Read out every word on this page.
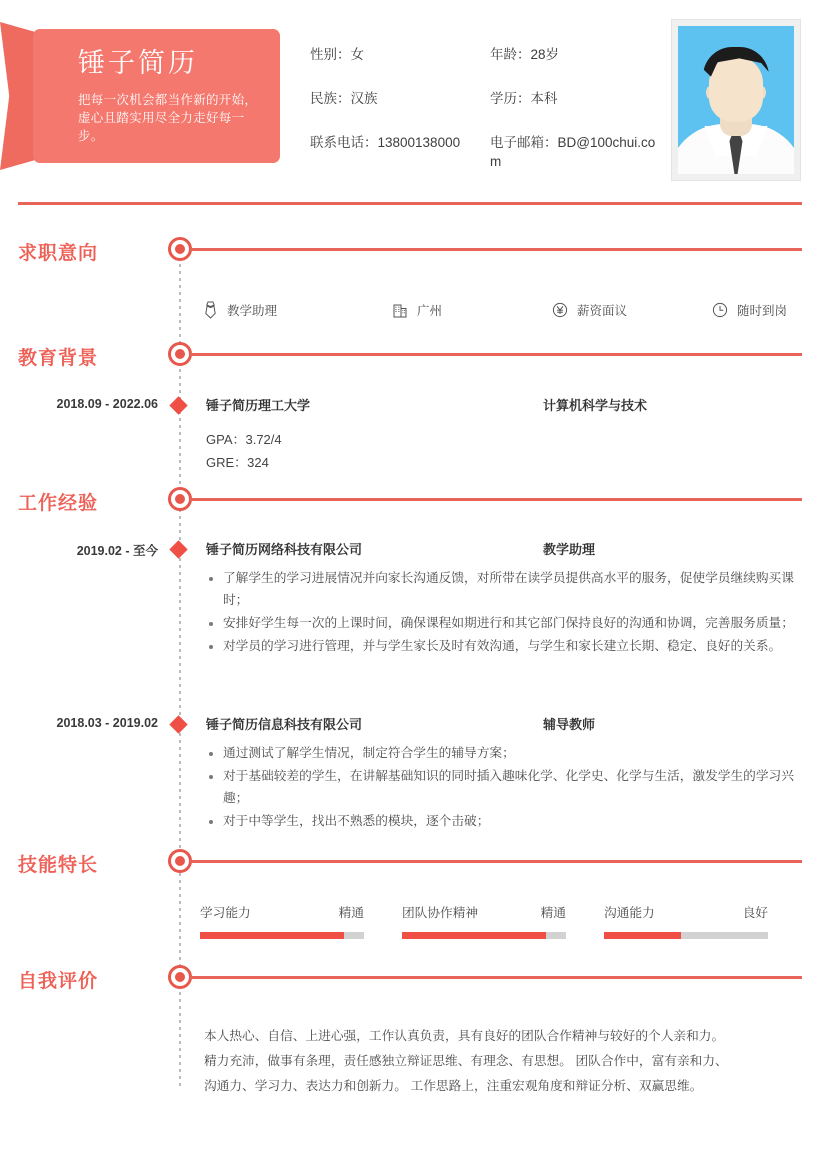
锤子简历
把每一次机会都当作新的开始，虚心且踏实用尽全力走好每一步。
性别：女	年龄：28岁
民族：汉族	学历：本科
联系电话：13800138000	电子邮箱：BD@100chui.com
求职意向
教学助理	广州	薪资面议	随时到岗
教育背景
2018.09 - 2022.06	锤子简历理工大学	计算机科学与技术
GPA：3.72/4
GRE：324
工作经验
2019.02 - 至今	锤子简历网络科技有限公司	教学助理
了解学生的学习进展情况并向家长沟通反馈，对所带在读学员提供高水平的服务，促使学员继续购买课时；
安排好学生每一次的上课时间，确保课程如期进行和其它部门保持良好的沟通和协调，完善服务质量；
对学员的学习进行管理，并与学生家长及时有效沟通，与学生和家长建立长期、稳定、良好的关系。
2018.03 - 2019.02	锤子简历信息科技有限公司	辅导教师
通过测试了解学生情况，制定符合学生的辅导方案；
对于基础较差的学生，在讲解基础知识的同时插入趣味化学、化学史、化学与生活，激发学生的学习兴趣；
对于中等学生，找出不熟悉的模块，逐个击破；
技能特长
学习能力	精通	团队协作精神	精通	沟通能力	良好
自我评价
本人热心、自信、上进心强，工作认真负责，具有良好的团队合作精神与较好的个人亲和力。
精力充沛，做事有条理，责任感独立辩证思维、有理念、有思想。 团队合作中，富有亲和力、
沟通力、学习力、表达力和创新力。 工作思路上，注重宏观角度和辩证分析、双赢思维。
